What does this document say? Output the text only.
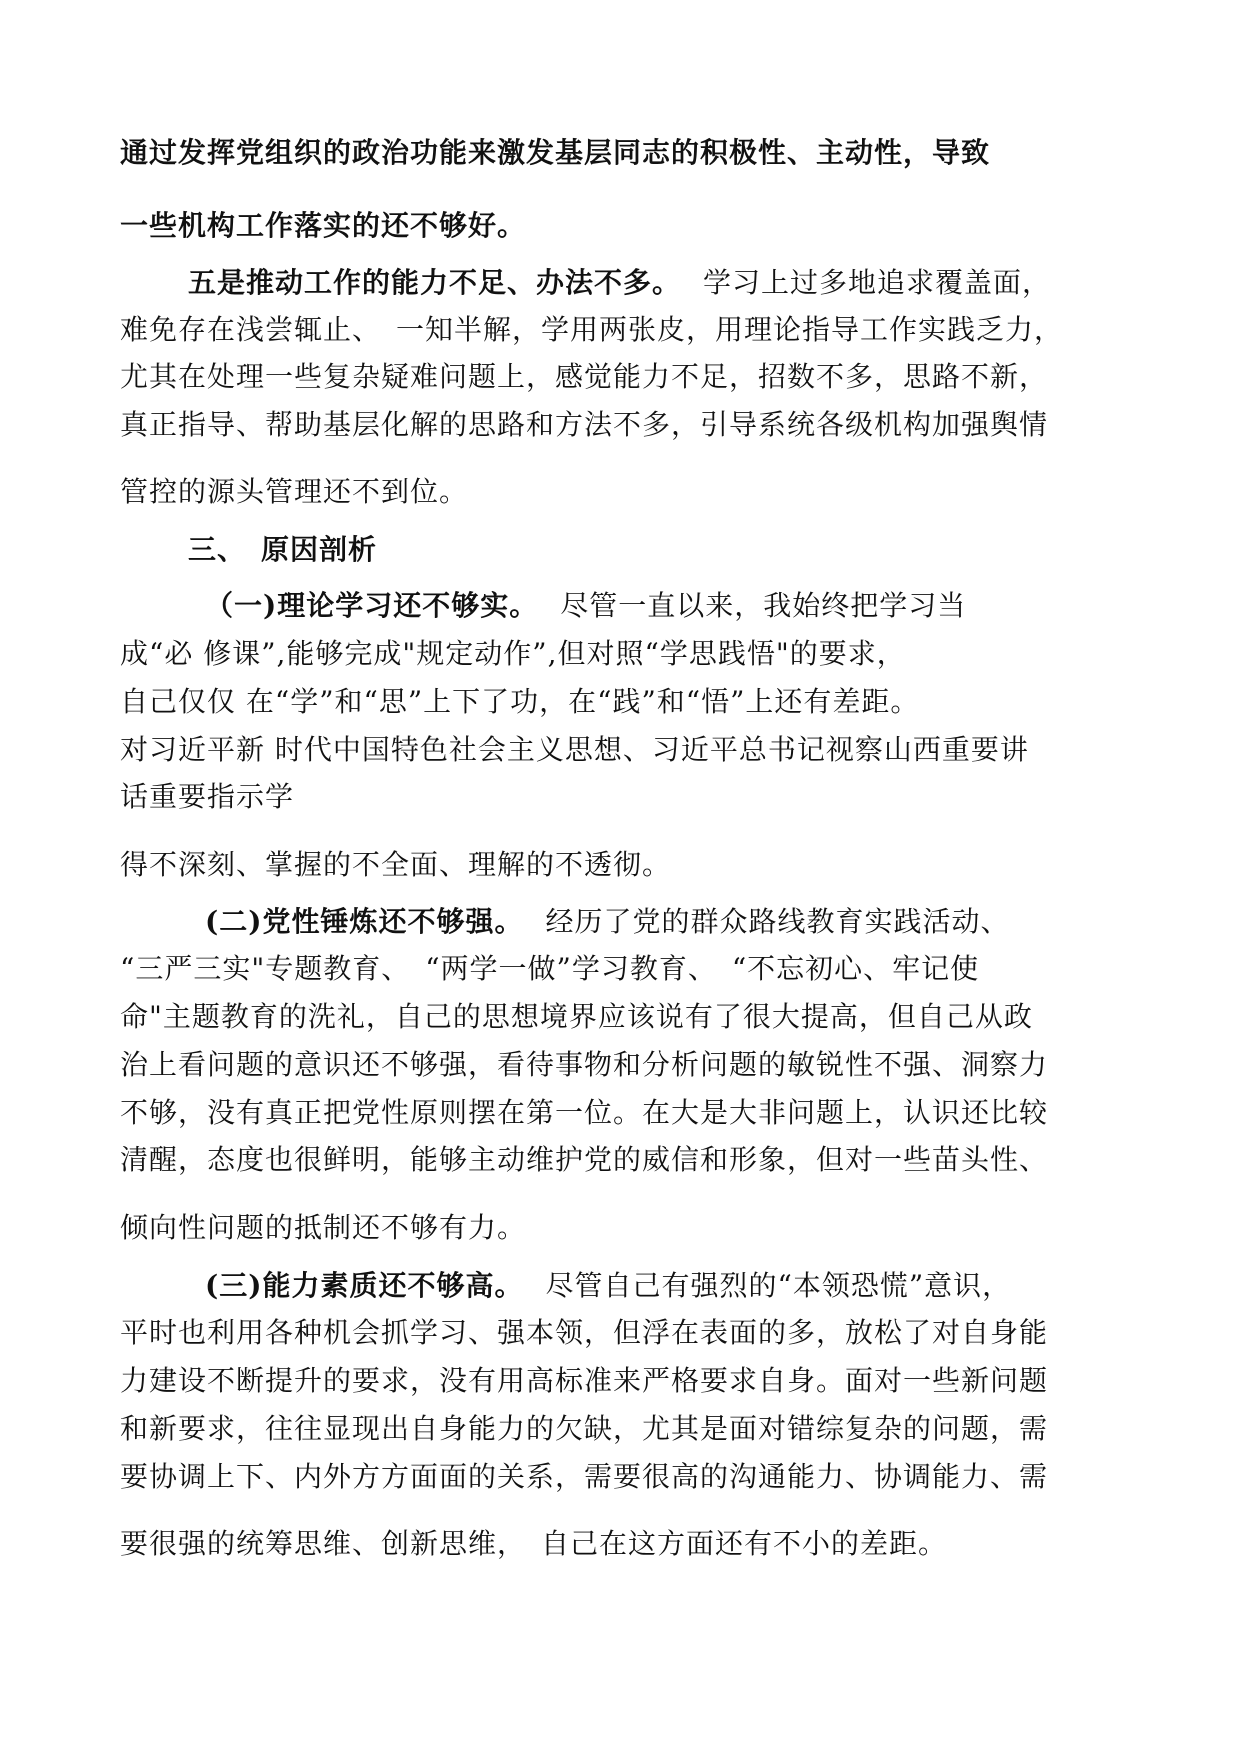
通过发挥党组织的政治功能来激发基层同志的积极性、主动性，导致
一些机构工作落实的还不够好。
五是推动工作的能力不足、办法不多。 学习上过多地追求覆盖面，
难免存在浅尝辄止、　一知半解，学用两张皮，用理论指导工作实践乏力，
尤其在处理一些复杂疑难问题上，感觉能力不足，招数不多，思路不新，
真正指导、帮助基层化解的思路和方法不多，引导系统各级机构加强舆情
管控的源头管理还不到位。
三、　原因剖析
（一)理论学习还不够实。 尽管一直以来，我始终把学习当
成“必 修课”,能够完成"规定动作”,但对照“学思践悟"的要求，
自己仅仅 在“学”和“思”上下了功，在“践”和“悟”上还有差距。
对习近平新 时代中国特色社会主义思想、习近平总书记视察山西重要讲
话重要指示学
得不深刻、掌握的不全面、理解的不透彻。
(二)党性锤炼还不够强。 经历了党的群众路线教育实践活动、
“三严三实"专题教育、　“两学一做”学习教育、　“不忘初心、牢记使
命"主题教育的洗礼，自己的思想境界应该说有了很大提高，但自己从政
治上看问题的意识还不够强，看待事物和分析问题的敏锐性不强、洞察力
不够，没有真正把党性原则摆在第一位。在大是大非问题上，认识还比较
清醒，态度也很鲜明，能够主动维护党的威信和形象，但对一些苗头性、
倾向性问题的抵制还不够有力。
(三)能力素质还不够高。 尽管自己有强烈的“本领恐慌”意识，
平时也利用各种机会抓学习、强本领，但浮在表面的多，放松了对自身能
力建设不断提升的要求，没有用高标准来严格要求自身。面对一些新问题
和新要求，往往显现出自身能力的欠缺，尤其是面对错综复杂的问题，需
要协调上下、内外方方面面的关系，需要很高的沟通能力、协调能力、需
要很强的统筹思维、创新思维，　自己在这方面还有不小的差距。
